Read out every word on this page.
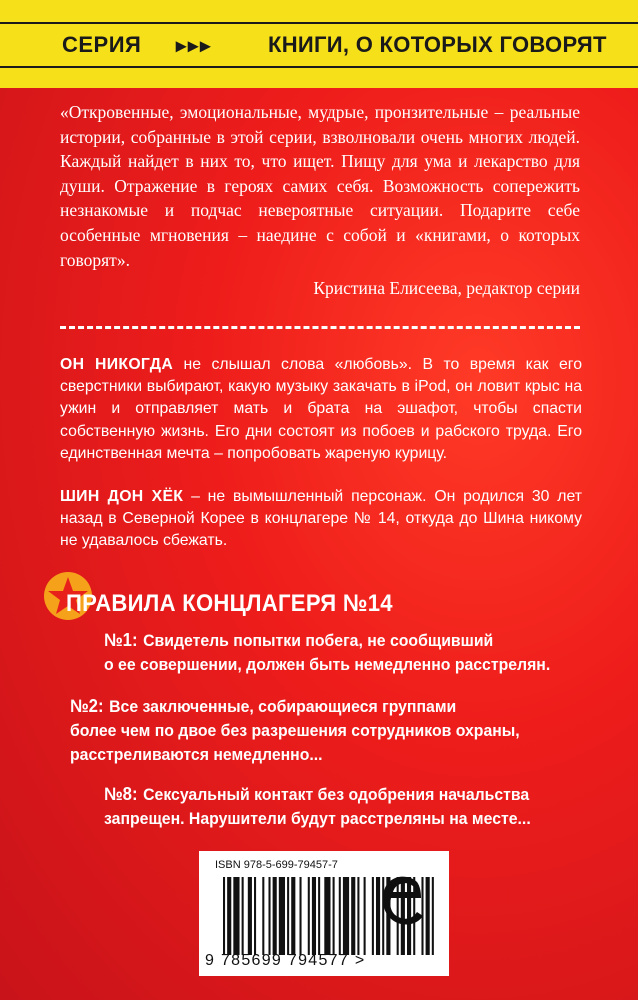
СЕРИЯ ▸▸▸	КНИГИ, О КОТОРЫХ ГОВОРЯТ
«Откровенные, эмоциональные, мудрые, пронзительные – реальные истории, собранные в этой серии, взволновали очень многих людей. Каждый найдет в них то, что ищет. Пищу для ума и лекарство для души. Отражение в героях самих себя. Возможность сопережить незнакомые и подчас невероятные ситуации. Подарите себе особенные мгновения – наедине с собой и «книгами, о которых говорят».
Кристина Елисеева, редактор серии
ОН НИКОГДА не слышал слова «любовь». В то время как его сверстники выбирают, какую музыку закачать в iPod, он ловит крыс на ужин и отправляет мать и брата на эшафот, чтобы спасти собственную жизнь. Его дни состоят из побоев и рабского труда. Его единственная мечта – попробовать жареную курицу.
ШИН ДОН ХЁК – не вымышленный персонаж. Он родился 30 лет назад в Северной Корее в концлагере № 14, откуда до Шина никому не удавалось сбежать.
ПРАВИЛА КОНЦЛАГЕРЯ №14
№1: Свидетель попытки побега, не сообщивший
о ее совершении, должен быть немедленно расстрелян.
№2: Все заключенные, собирающиеся группами
более чем по двое без разрешения сотрудников охраны,
расстреливаются немедленно...
№8: Сексуальный контакт без одобрения начальства
запрещен. Нарушители будут расстреляны на месте...
ISBN 978-5-699-79457-7
9 785699 794577 >
